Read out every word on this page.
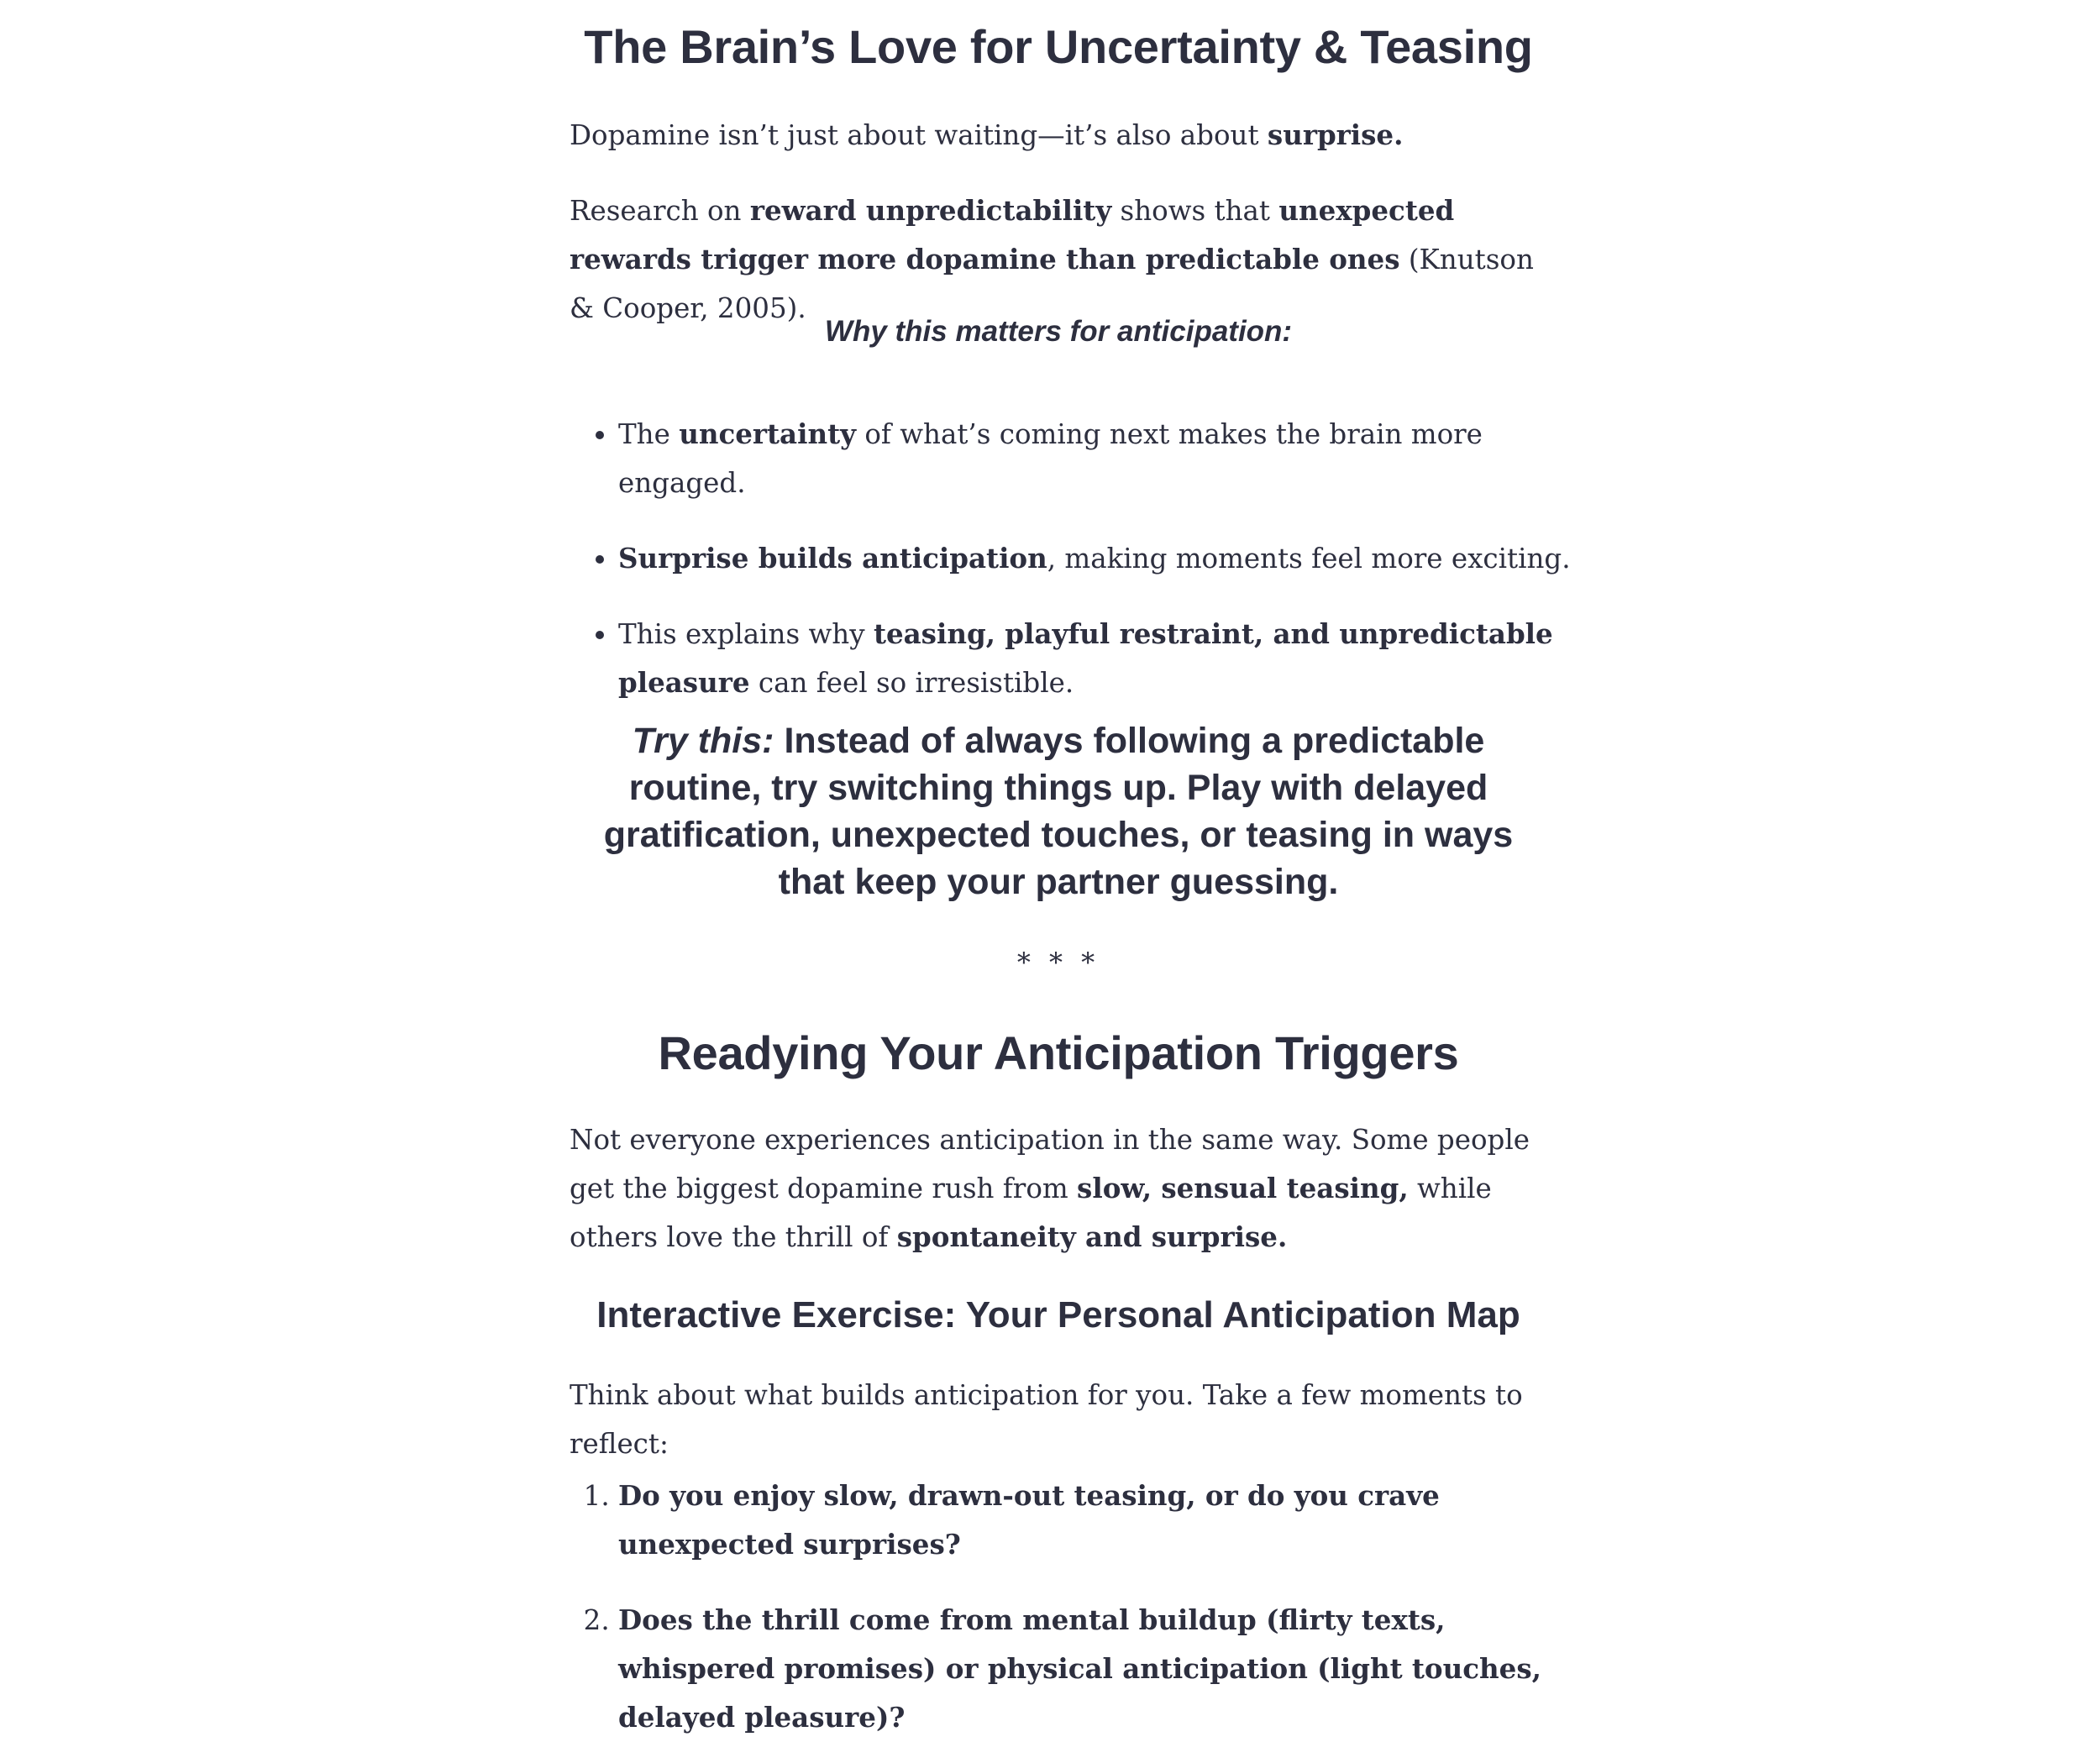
The Brain’s Love for Uncertainty & Teasing

Dopamine isn’t just about waiting—it’s also about surprise.

Research on reward unpredictability shows that unexpected rewards trigger more dopamine than predictable ones (Knutson & Cooper, 2005).

Why this matters for anticipation:

• The uncertainty of what’s coming next makes the brain more engaged.
• Surprise builds anticipation, making moments feel more exciting.
• This explains why teasing, playful restraint, and unpredictable pleasure can feel so irresistible.

Try this: Instead of always following a predictable routine, try switching things up. Play with delayed gratification, unexpected touches, or teasing in ways that keep your partner guessing.

* * *
Readying Your Anticipation Triggers

Not everyone experiences anticipation in the same way. Some people get the biggest dopamine rush from slow, sensual teasing, while others love the thrill of spontaneity and surprise.

Interactive Exercise: Your Personal Anticipation Map

Think about what builds anticipation for you. Take a few moments to reflect:

1. Do you enjoy slow, drawn-out teasing, or do you crave unexpected surprises?
2. Does the thrill come from mental buildup (flirty texts, whispered promises) or physical anticipation (light touches, delayed pleasure)?
